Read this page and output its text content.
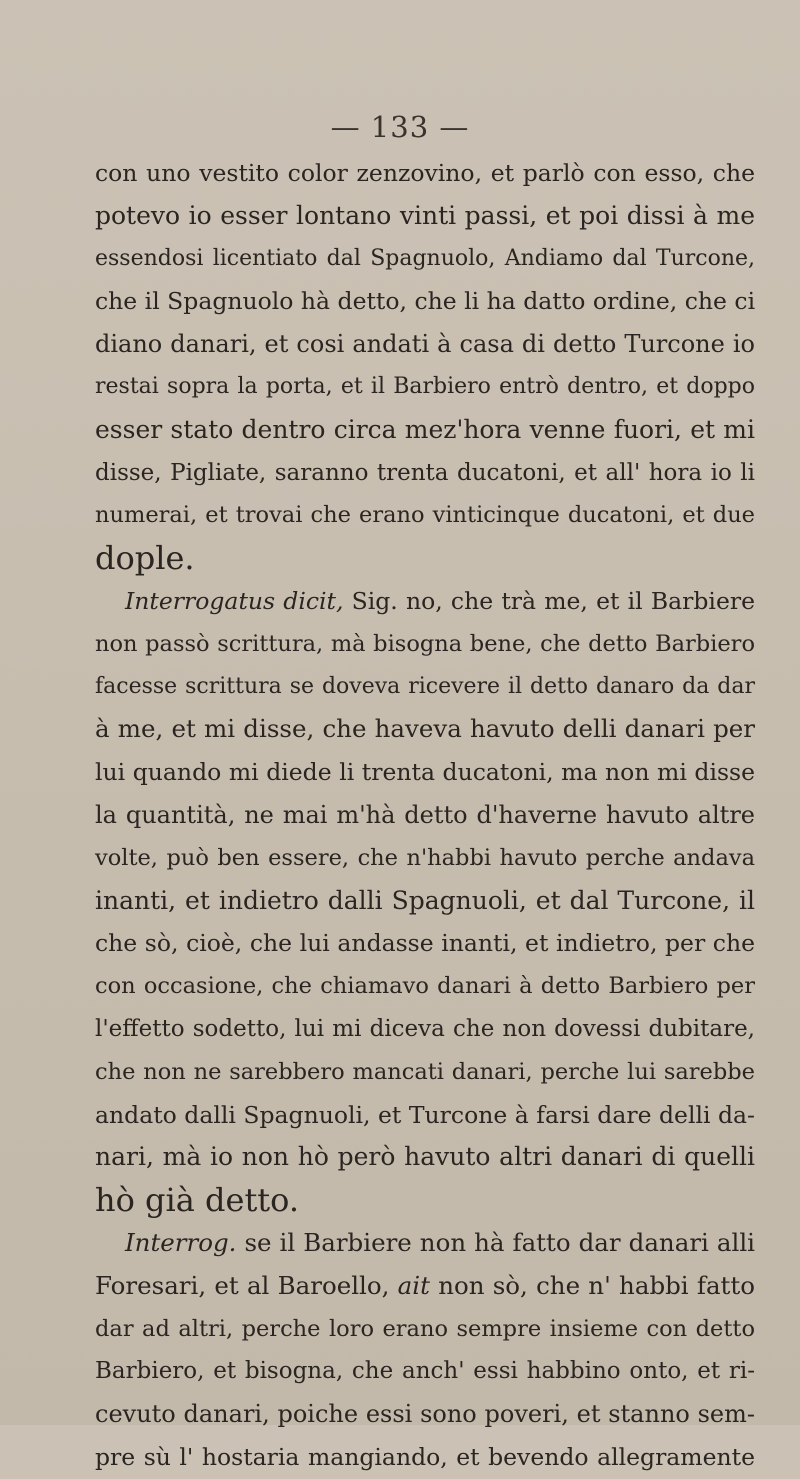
— 133 —
con uno vestito color zenzovino, et parlò con esso, che
potevo io esser lontano vinti passi, et poi dissi à me
essendosi licentiato dal Spagnuolo, Andiamo dal Turcone,
che il Spagnuolo hà detto, che li ha datto ordine, che ci
diano danari, et cosi andati à casa di detto Turcone io
restai sopra la porta, et il Barbiero entrò dentro, et doppo
esser stato dentro circa mez'hora venne fuori, et mi
disse, Pigliate, saranno trenta ducatoni, et all' hora io li
numerai, et trovai che erano vinticinque ducatoni, et due
dople.
Interrogatus dicit, Sig. no, che trà me, et il Barbiere
non passò scrittura, mà bisogna bene, che detto Barbiero
facesse scrittura se doveva ricevere il detto danaro da dar
à me, et mi disse, che haveva havuto delli danari per
lui quando mi diede li trenta ducatoni, ma non mi disse
la quantità, ne mai m'hà detto d'haverne havuto altre
volte, può ben essere, che n'habbi havuto perche andava
inanti, et indietro dalli Spagnuoli, et dal Turcone, il
che sò, cioè, che lui andasse inanti, et indietro, per che
con occasione, che chiamavo danari à detto Barbiero per
l'effetto sodetto, lui mi diceva che non dovessi dubitare,
che non ne sarebbero mancati danari, perche lui sarebbe
andato dalli Spagnuoli, et Turcone à farsi dare delli da-
nari, mà io non hò però havuto altri danari di quelli
hò già detto.
Interrog. se il Barbiere non hà fatto dar danari alli
Foresari, et al Baroello, ait non sò, che n' habbi fatto
dar ad altri, perche loro erano sempre insieme con detto
Barbiero, et bisogna, che anch' essi habbino onto, et ri-
cevuto danari, poiche essi sono poveri, et stanno sem-
pre sù l' hostaria mangiando, et bevendo allegramente
